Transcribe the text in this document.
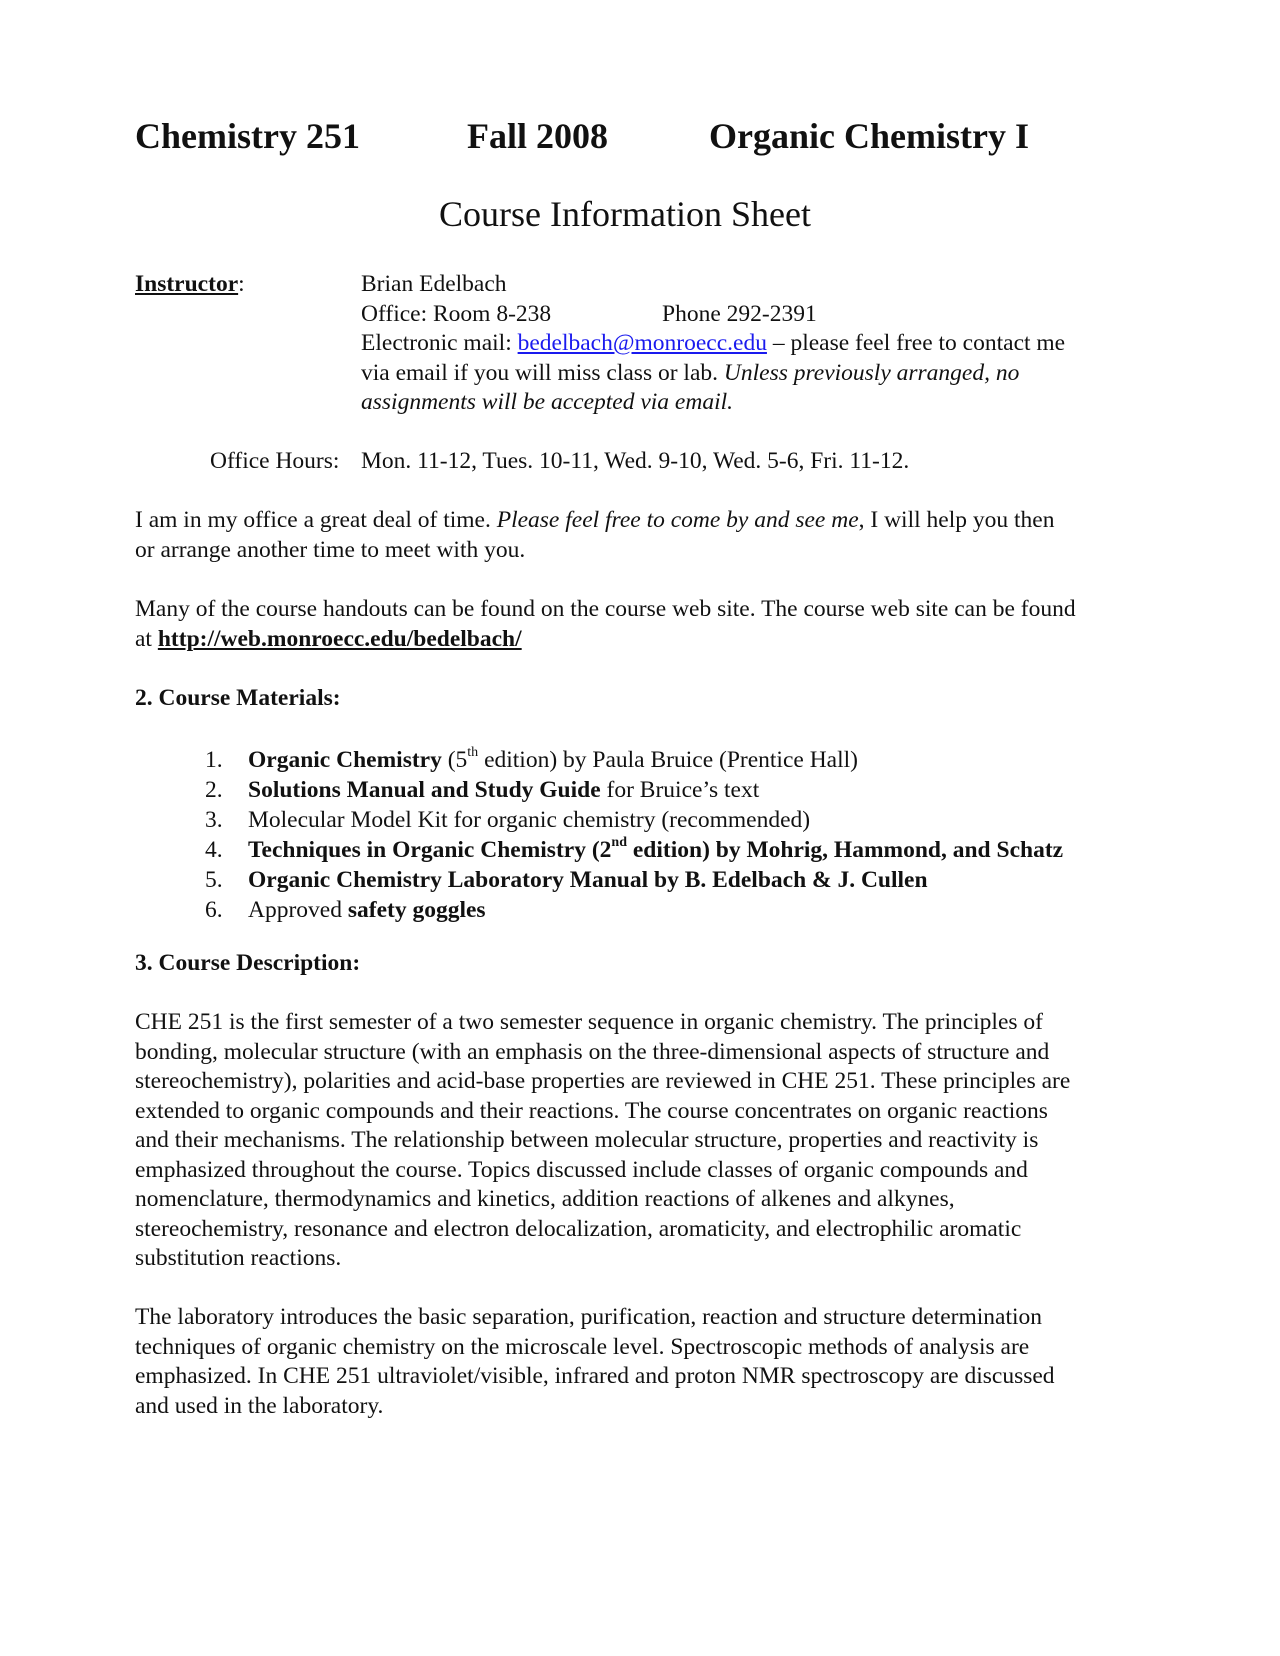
Chemistry 251	Fall 2008	Organic Chemistry I
Course Information Sheet
Instructor:	Brian Edelbach
Office: Room 8-238	Phone 292-2391
Electronic mail: bedelbach@monroecc.edu – please feel free to contact me
via email if you will miss class or lab. Unless previously arranged, no
assignments will be accepted via email.
Office Hours: Mon. 11-12, Tues. 10-11, Wed. 9-10, Wed. 5-6, Fri. 11-12.
I am in my office a great deal of time. Please feel free to come by and see me, I will help you then
or arrange another time to meet with you.
Many of the course handouts can be found on the course web site. The course web site can be found
at http://web.monroecc.edu/bedelbach/
2. Course Materials:
1. Organic Chemistry (5th edition) by Paula Bruice (Prentice Hall)
2. Solutions Manual and Study Guide for Bruice’s text
3. Molecular Model Kit for organic chemistry (recommended)
4. Techniques in Organic Chemistry (2nd edition) by Mohrig, Hammond, and Schatz
5. Organic Chemistry Laboratory Manual by B. Edelbach & J. Cullen
6. Approved safety goggles
3. Course Description:
CHE 251 is the first semester of a two semester sequence in organic chemistry. The principles of
bonding, molecular structure (with an emphasis on the three-dimensional aspects of structure and
stereochemistry), polarities and acid-base properties are reviewed in CHE 251. These principles are
extended to organic compounds and their reactions. The course concentrates on organic reactions
and their mechanisms. The relationship between molecular structure, properties and reactivity is
emphasized throughout the course. Topics discussed include classes of organic compounds and
nomenclature, thermodynamics and kinetics, addition reactions of alkenes and alkynes,
stereochemistry, resonance and electron delocalization, aromaticity, and electrophilic aromatic
substitution reactions.
The laboratory introduces the basic separation, purification, reaction and structure determination
techniques of organic chemistry on the microscale level. Spectroscopic methods of analysis are
emphasized. In CHE 251 ultraviolet/visible, infrared and proton NMR spectroscopy are discussed
and used in the laboratory.
